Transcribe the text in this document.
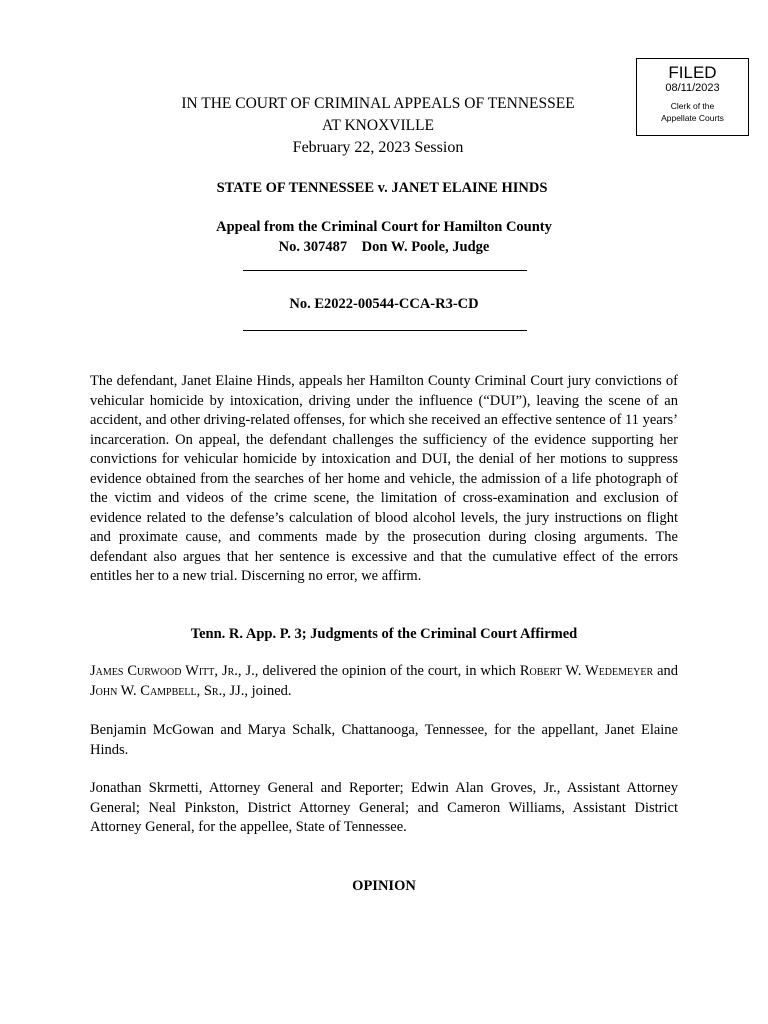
FILED
08/11/2023
Clerk of the
Appellate Courts
IN THE COURT OF CRIMINAL APPEALS OF TENNESSEE
AT KNOXVILLE
February 22, 2023 Session
STATE OF TENNESSEE v. JANET ELAINE HINDS
Appeal from the Criminal Court for Hamilton County
No. 307487    Don W. Poole, Judge
No. E2022-00544-CCA-R3-CD
The defendant, Janet Elaine Hinds, appeals her Hamilton County Criminal Court jury convictions of vehicular homicide by intoxication, driving under the influence (“DUI”), leaving the scene of an accident, and other driving-related offenses, for which she received an effective sentence of 11 years’ incarceration. On appeal, the defendant challenges the sufficiency of the evidence supporting her convictions for vehicular homicide by intoxication and DUI, the denial of her motions to suppress evidence obtained from the searches of her home and vehicle, the admission of a life photograph of the victim and videos of the crime scene, the limitation of cross-examination and exclusion of evidence related to the defense’s calculation of blood alcohol levels, the jury instructions on flight and proximate cause, and comments made by the prosecution during closing arguments. The defendant also argues that her sentence is excessive and that the cumulative effect of the errors entitles her to a new trial. Discerning no error, we affirm.
Tenn. R. App. P. 3; Judgments of the Criminal Court Affirmed
James Curwood Witt, Jr., J., delivered the opinion of the court, in which Robert W. Wedemeyer and John W. Campbell, Sr., JJ., joined.
Benjamin McGowan and Marya Schalk, Chattanooga, Tennessee, for the appellant, Janet Elaine Hinds.
Jonathan Skrmetti, Attorney General and Reporter; Edwin Alan Groves, Jr., Assistant Attorney General; Neal Pinkston, District Attorney General; and Cameron Williams, Assistant District Attorney General, for the appellee, State of Tennessee.
OPINION
